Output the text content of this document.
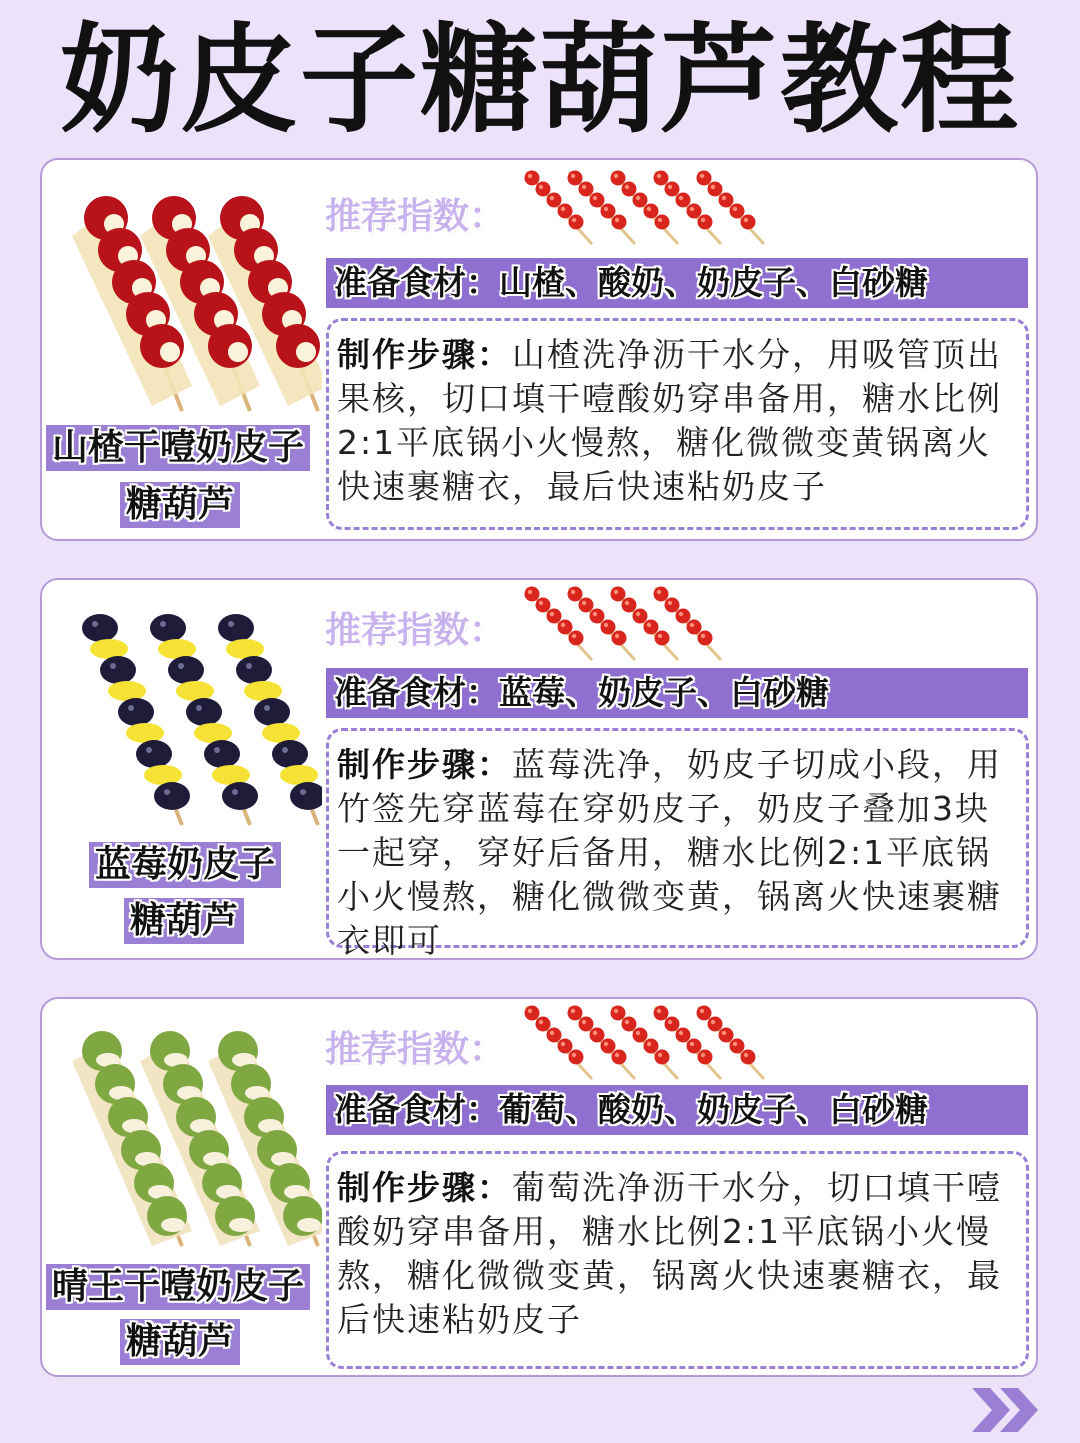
奶皮子糖葫芦教程
山楂干噎奶皮子
糖葫芦
推荐指数：
准备食材：山楂、酸奶、奶皮子、白砂糖
制作步骤：山楂洗净沥干水分，用吸管顶出果核，切口填干噎酸奶穿串备用，糖水比例2:1平底锅小火慢熬，糖化微微变黄锅离火快速裹糖衣，最后快速粘奶皮子
蓝莓奶皮子
糖葫芦
推荐指数：
准备食材：蓝莓、奶皮子、白砂糖
制作步骤：蓝莓洗净，奶皮子切成小段，用竹签先穿蓝莓在穿奶皮子，奶皮子叠加3块一起穿，穿好后备用，糖水比例2:1平底锅小火慢熬，糖化微微变黄，锅离火快速裹糖衣即可
晴王干噎奶皮子
糖葫芦
推荐指数：
准备食材：葡萄、酸奶、奶皮子、白砂糖
制作步骤：葡萄洗净沥干水分，切口填干噎酸奶穿串备用，糖水比例2:1平底锅小火慢熬，糖化微微变黄，锅离火快速裹糖衣，最后快速粘奶皮子
